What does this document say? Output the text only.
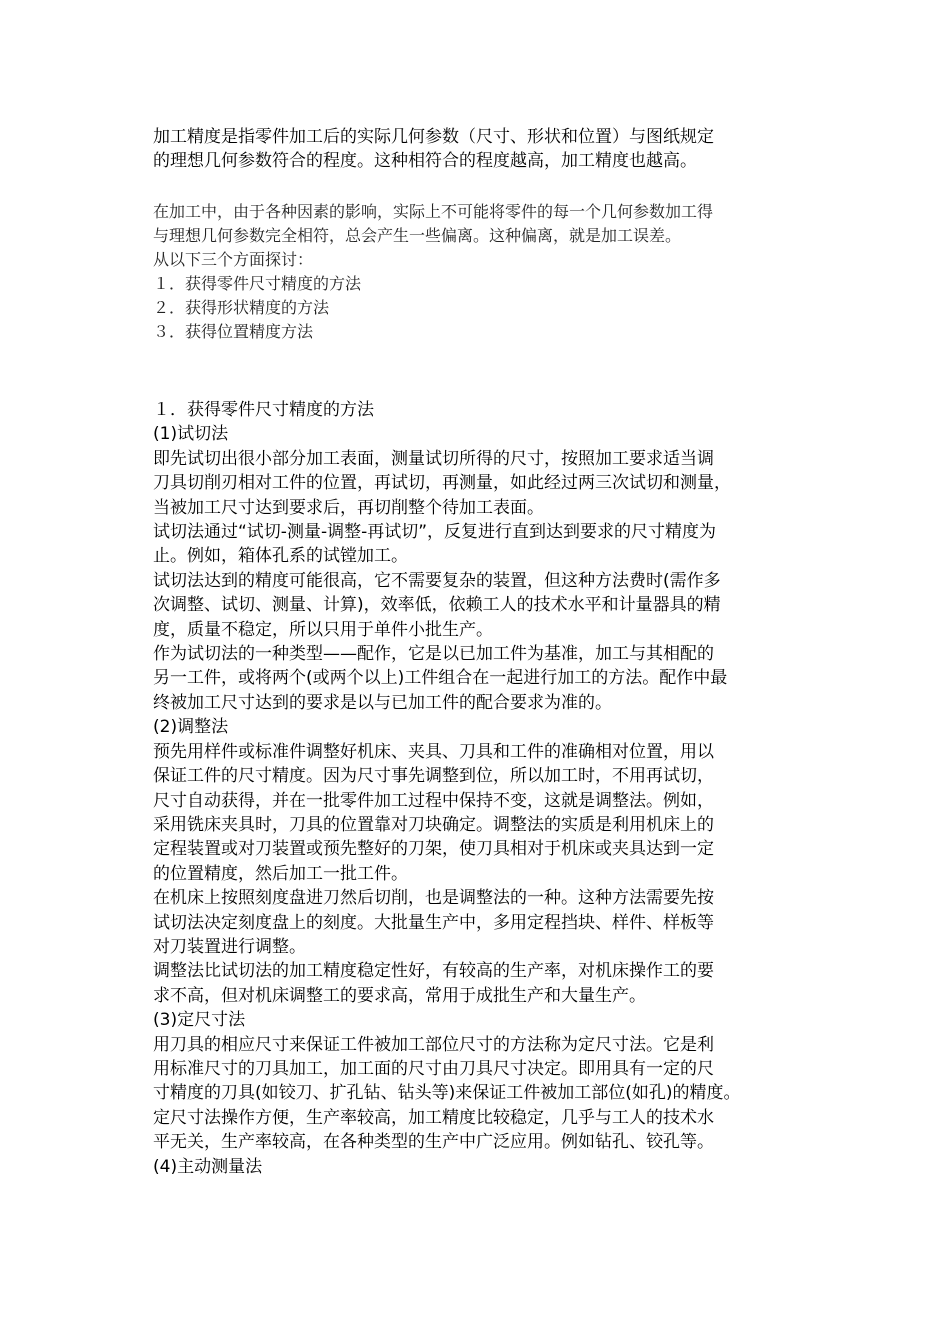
加工精度是指零件加工后的实际几何参数（尺寸、形状和位置）与图纸规定
的理想几何参数符合的程度。这种相符合的程度越高，加工精度也越高。
在加工中，由于各种因素的影响，实际上不可能将零件的每一个几何参数加工得
与理想几何参数完全相符，总会产生一些偏离。这种偏离，就是加工误差。
从以下三个方面探讨：
１．获得零件尺寸精度的方法
２．获得形状精度的方法
３．获得位置精度方法
１．获得零件尺寸精度的方法
(1)试切法
即先试切出很小部分加工表面，测量试切所得的尺寸，按照加工要求适当调
刀具切削刃相对工件的位置，再试切，再测量，如此经过两三次试切和测量，
当被加工尺寸达到要求后，再切削整个待加工表面。
试切法通过“试切-测量-调整-再试切”，反复进行直到达到要求的尺寸精度为
止。例如，箱体孔系的试镗加工。
试切法达到的精度可能很高，它不需要复杂的装置，但这种方法费时(需作多
次调整、试切、测量、计算)，效率低，依赖工人的技术水平和计量器具的精
度，质量不稳定，所以只用于单件小批生产。
作为试切法的一种类型——配作，它是以已加工件为基准，加工与其相配的
另一工件，或将两个(或两个以上)工件组合在一起进行加工的方法。配作中最
终被加工尺寸达到的要求是以与已加工件的配合要求为准的。
(2)调整法
预先用样件或标准件调整好机床、夹具、刀具和工件的准确相对位置，用以
保证工件的尺寸精度。因为尺寸事先调整到位，所以加工时，不用再试切，
尺寸自动获得，并在一批零件加工过程中保持不变，这就是调整法。例如，
采用铣床夹具时，刀具的位置靠对刀块确定。调整法的实质是利用机床上的
定程装置或对刀装置或预先整好的刀架，使刀具相对于机床或夹具达到一定
的位置精度，然后加工一批工件。
在机床上按照刻度盘进刀然后切削，也是调整法的一种。这种方法需要先按
试切法决定刻度盘上的刻度。大批量生产中，多用定程挡块、样件、样板等
对刀装置进行调整。
调整法比试切法的加工精度稳定性好，有较高的生产率，对机床操作工的要
求不高，但对机床调整工的要求高，常用于成批生产和大量生产。
(3)定尺寸法
用刀具的相应尺寸来保证工件被加工部位尺寸的方法称为定尺寸法。它是利
用标准尺寸的刀具加工，加工面的尺寸由刀具尺寸决定。即用具有一定的尺
寸精度的刀具(如铰刀、扩孔钻、钻头等)来保证工件被加工部位(如孔)的精度。
定尺寸法操作方便，生产率较高，加工精度比较稳定，几乎与工人的技术水
平无关，生产率较高，在各种类型的生产中广泛应用。例如钻孔、铰孔等。
(4)主动测量法
